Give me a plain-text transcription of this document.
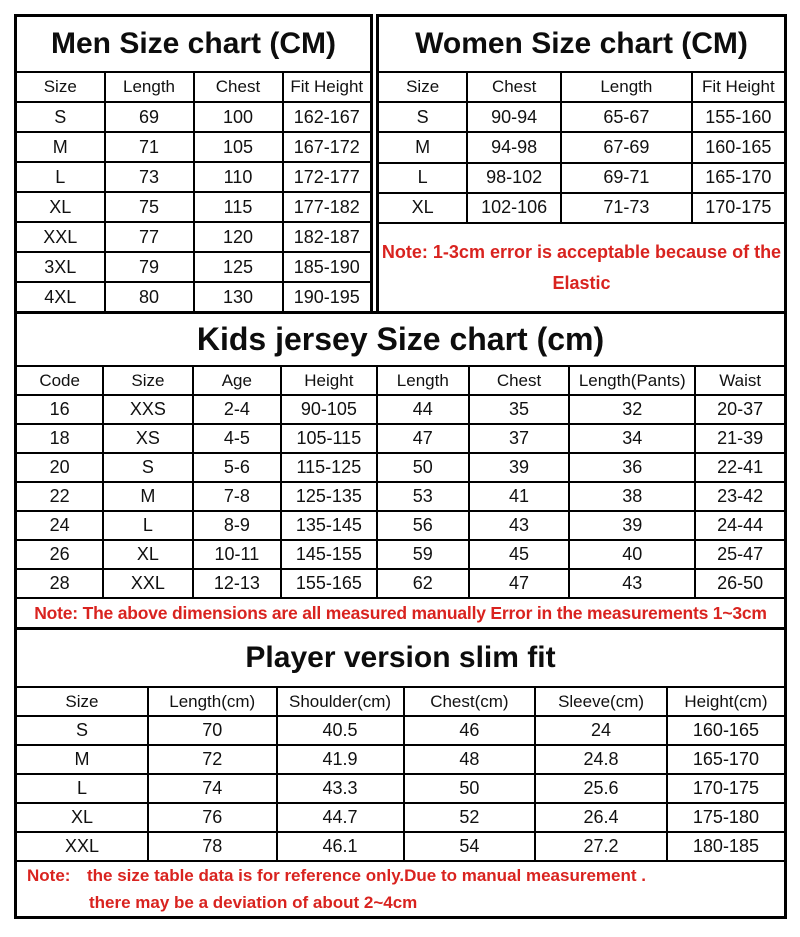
Men Size chart (CM)			
Size	Length	Chest	Fit Height
S	69	100	162-167
M	71	105	167-172
L	73	110	172-177
XL	75	115	177-182
XXL	77	120	182-187
3XL	79	125	185-190
4XL	80	130	190-195
Women Size chart (CM)			
Size	Chest	Length	Fit Height
S	90-94	65-67	155-160
M	94-98	67-69	160-165
L	98-102	69-71	165-170
XL	102-106	71-73	170-175

Note: 1-3cm error is acceptable because of the
Elastic			
Kids jersey Size chart (cm)							
Code	Size	Age	Height	Length	Chest	Length(Pants)	Waist
16	XXS	2-4	90-105	44	35	32	20-37
18	XS	4-5	105-115	47	37	34	21-39
20	S	5-6	115-125	50	39	36	22-41
22	M	7-8	125-135	53	41	38	23-42
24	L	8-9	135-145	56	43	39	24-44
26	XL	10-11	145-155	59	45	40	25-47
28	XXL	12-13	155-165	62	47	43	26-50
Note: The above dimensions are all measured manually Error in the measurements 1~3cm							
Player version slim fit					
Size	Length(cm)	Shoulder(cm)	Chest(cm)	Sleeve(cm)	Height(cm)
S	70	40.5	46	24	160-165
M	72	41.9	48	24.8	165-170
L	74	43.3	50	25.6	170-175
XL	76	44.7	52	26.4	175-180
XXL	78	46.1	54	27.2	180-185

Note: the size table data is for reference only.Due to manual measurement .
there may be a deviation of about 2~4cm					
